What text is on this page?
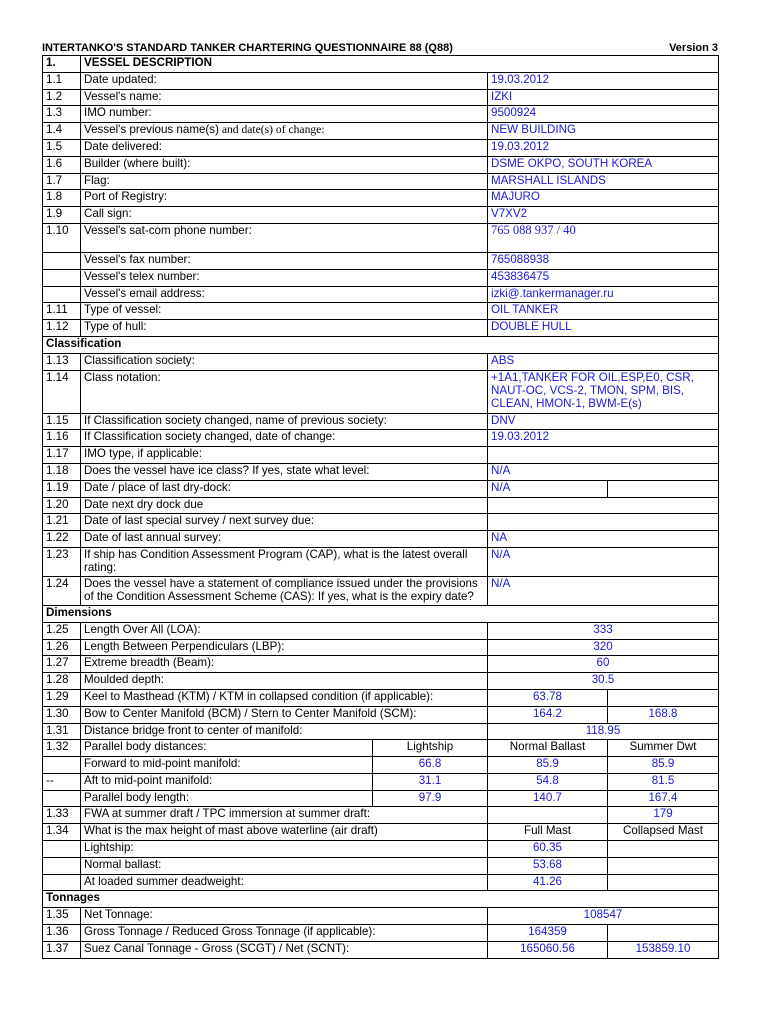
INTERTANKO'S STANDARD TANKER CHARTERING QUESTIONNAIRE 88 (Q88)	Version 3
1.	VESSEL DESCRIPTION			
1.1	Date updated:		19.03.2012	
1.2	Vessel's name:		IZKI	
1.3	IMO number:		9500924	
1.4	Vessel's previous name(s) and date(s) of change:		NEW BUILDING	
1.5	Date delivered:		19.03.2012	
1.6	Builder (where built):		DSME OKPO, SOUTH KOREA	
1.7	Flag:		MARSHALL ISLANDS	
1.8	Port of Registry:		MAJURO	
1.9	Call sign:		V7XV2	
1.10	Vessel's sat-com phone number:		765 088 937 / 40	
	Vessel's fax number:		765088938	
	Vessel's telex number:		453836475	
	Vessel's email address:		izki@.tankermanager.ru	
1.11	Type of vessel:		OIL TANKER	
1.12	Type of hull:		DOUBLE HULL	
Classification				
1.13	Classification society:		ABS	
1.14	Class notation:		+1A1,TANKER FOR OIL,ESP,E0, CSR, NAUT-OC, VCS-2, TMON, SPM, BIS, CLEAN, HMON-1, BWM-E(s)	
1.15	If Classification society changed, name of previous society:		DNV	
1.16	If Classification society changed, date of change:		19.03.2012	
1.17	IMO type, if applicable:			
1.18	Does the vessel have ice class? If yes, state what level:		N/A	
1.19	Date / place of last dry-dock:		N/A	
1.20	Date next dry dock due			
1.21	Date of last special survey / next survey due:			
1.22	Date of last annual survey:		NA	
1.23	If ship has Condition Assessment Program (CAP), what is the latest overall rating:		N/A	
1.24	Does the vessel have a statement of compliance issued under the provisions of the Condition Assessment Scheme (CAS): If yes, what is the expiry date?		N/A	
Dimensions				
1.25	Length Over All (LOA):		333	
1.26	Length Between Perpendiculars (LBP):		320	
1.27	Extreme breadth (Beam):		60	
1.28	Moulded depth:		30.5	
1.29	Keel to Masthead (KTM) / KTM in collapsed condition (if applicable):		63.78	
1.30	Bow to Center Manifold (BCM) / Stern to Center Manifold (SCM):		164.2	168.8
1.31	Distance bridge front to center of manifold:		118.95	
1.32	Parallel body distances:	Lightship	Normal Ballast	Summer Dwt
	Forward to mid-point manifold:	66.8	85.9	85.9
--	Aft to mid-point manifold:	31.1	54.8	81.5
	Parallel body length:	97.9	140.7	167.4
1.33	FWA at summer draft / TPC immersion at summer draft:			179
1.34	What is the max height of mast above waterline (air draft)		Full Mast	Collapsed Mast
	Lightship:		60.35	
	Normal ballast:		53.68	
	At loaded summer deadweight:		41.26	
Tonnages				
1.35	Net Tonnage:		108547	
1.36	Gross Tonnage / Reduced Gross Tonnage (if applicable):		164359	
1.37	Suez Canal Tonnage - Gross (SCGT) / Net (SCNT):		165060.56	153859.10
